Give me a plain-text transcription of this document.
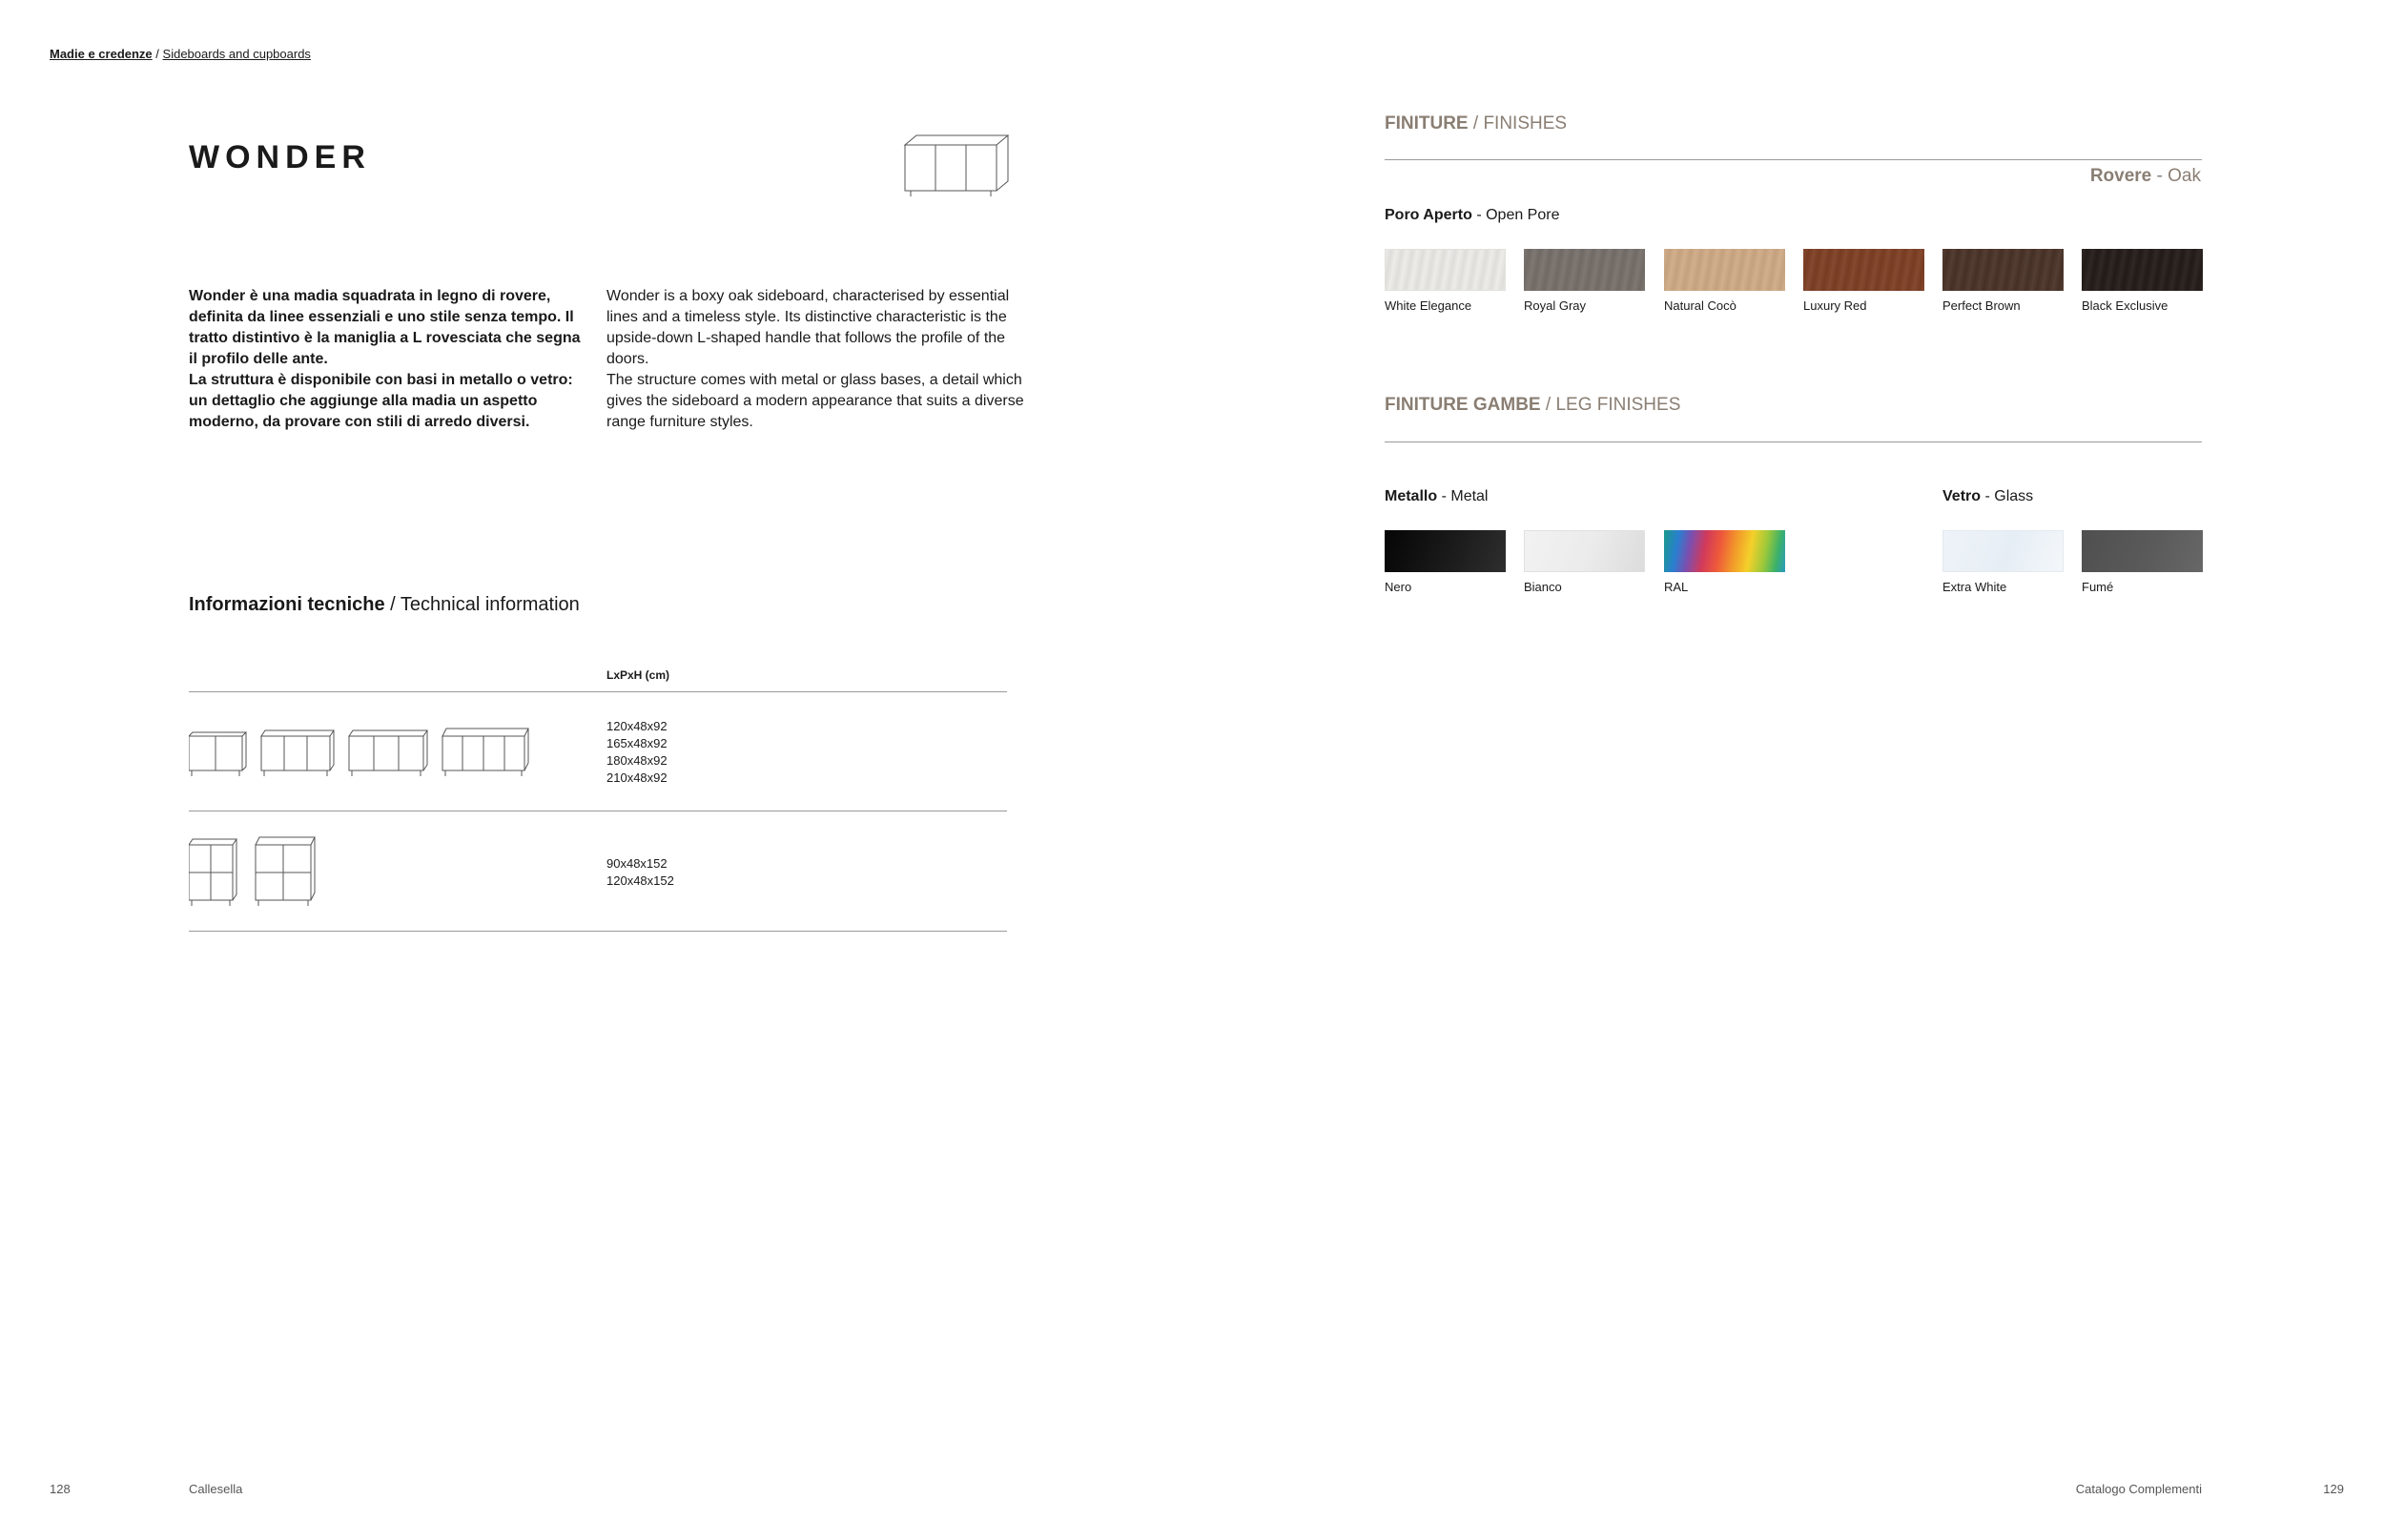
Madie e credenze / Sideboards and cupboards
WONDER
Wonder è una madia squadrata in legno di rovere, definita da linee essenziali e uno stile senza tempo. Il tratto distintivo è la maniglia a L rovesciata che segna il profilo delle ante.
La struttura è disponibile con basi in metallo o vetro: un dettaglio che aggiunge alla madia un aspetto moderno, da provare con stili di arredo diversi.
Wonder is a boxy oak sideboard, characterised by essential lines and a timeless style. Its distinctive characteristic is the upside-down L-shaped handle that follows the profile of the doors.
The structure comes with metal or glass bases, a detail which gives the sideboard a modern appearance that suits a diverse range furniture styles.
Informazioni tecniche / Technical information
LxPxH (cm)
120x48x92
165x48x92
180x48x92
210x48x92
90x48x152
120x48x152
FINITURE / FINISHES
Rovere - Oak
Poro Aperto - Open Pore
White Elegance	Royal Gray	Natural Cocò	Luxury Red	Perfect Brown	Black Exclusive
FINITURE GAMBE / LEG FINISHES
Metallo - Metal	Vetro - Glass
Nero	Bianco	RAL	Extra White	Fumé
128	Callesella	Catalogo Complementi	129
